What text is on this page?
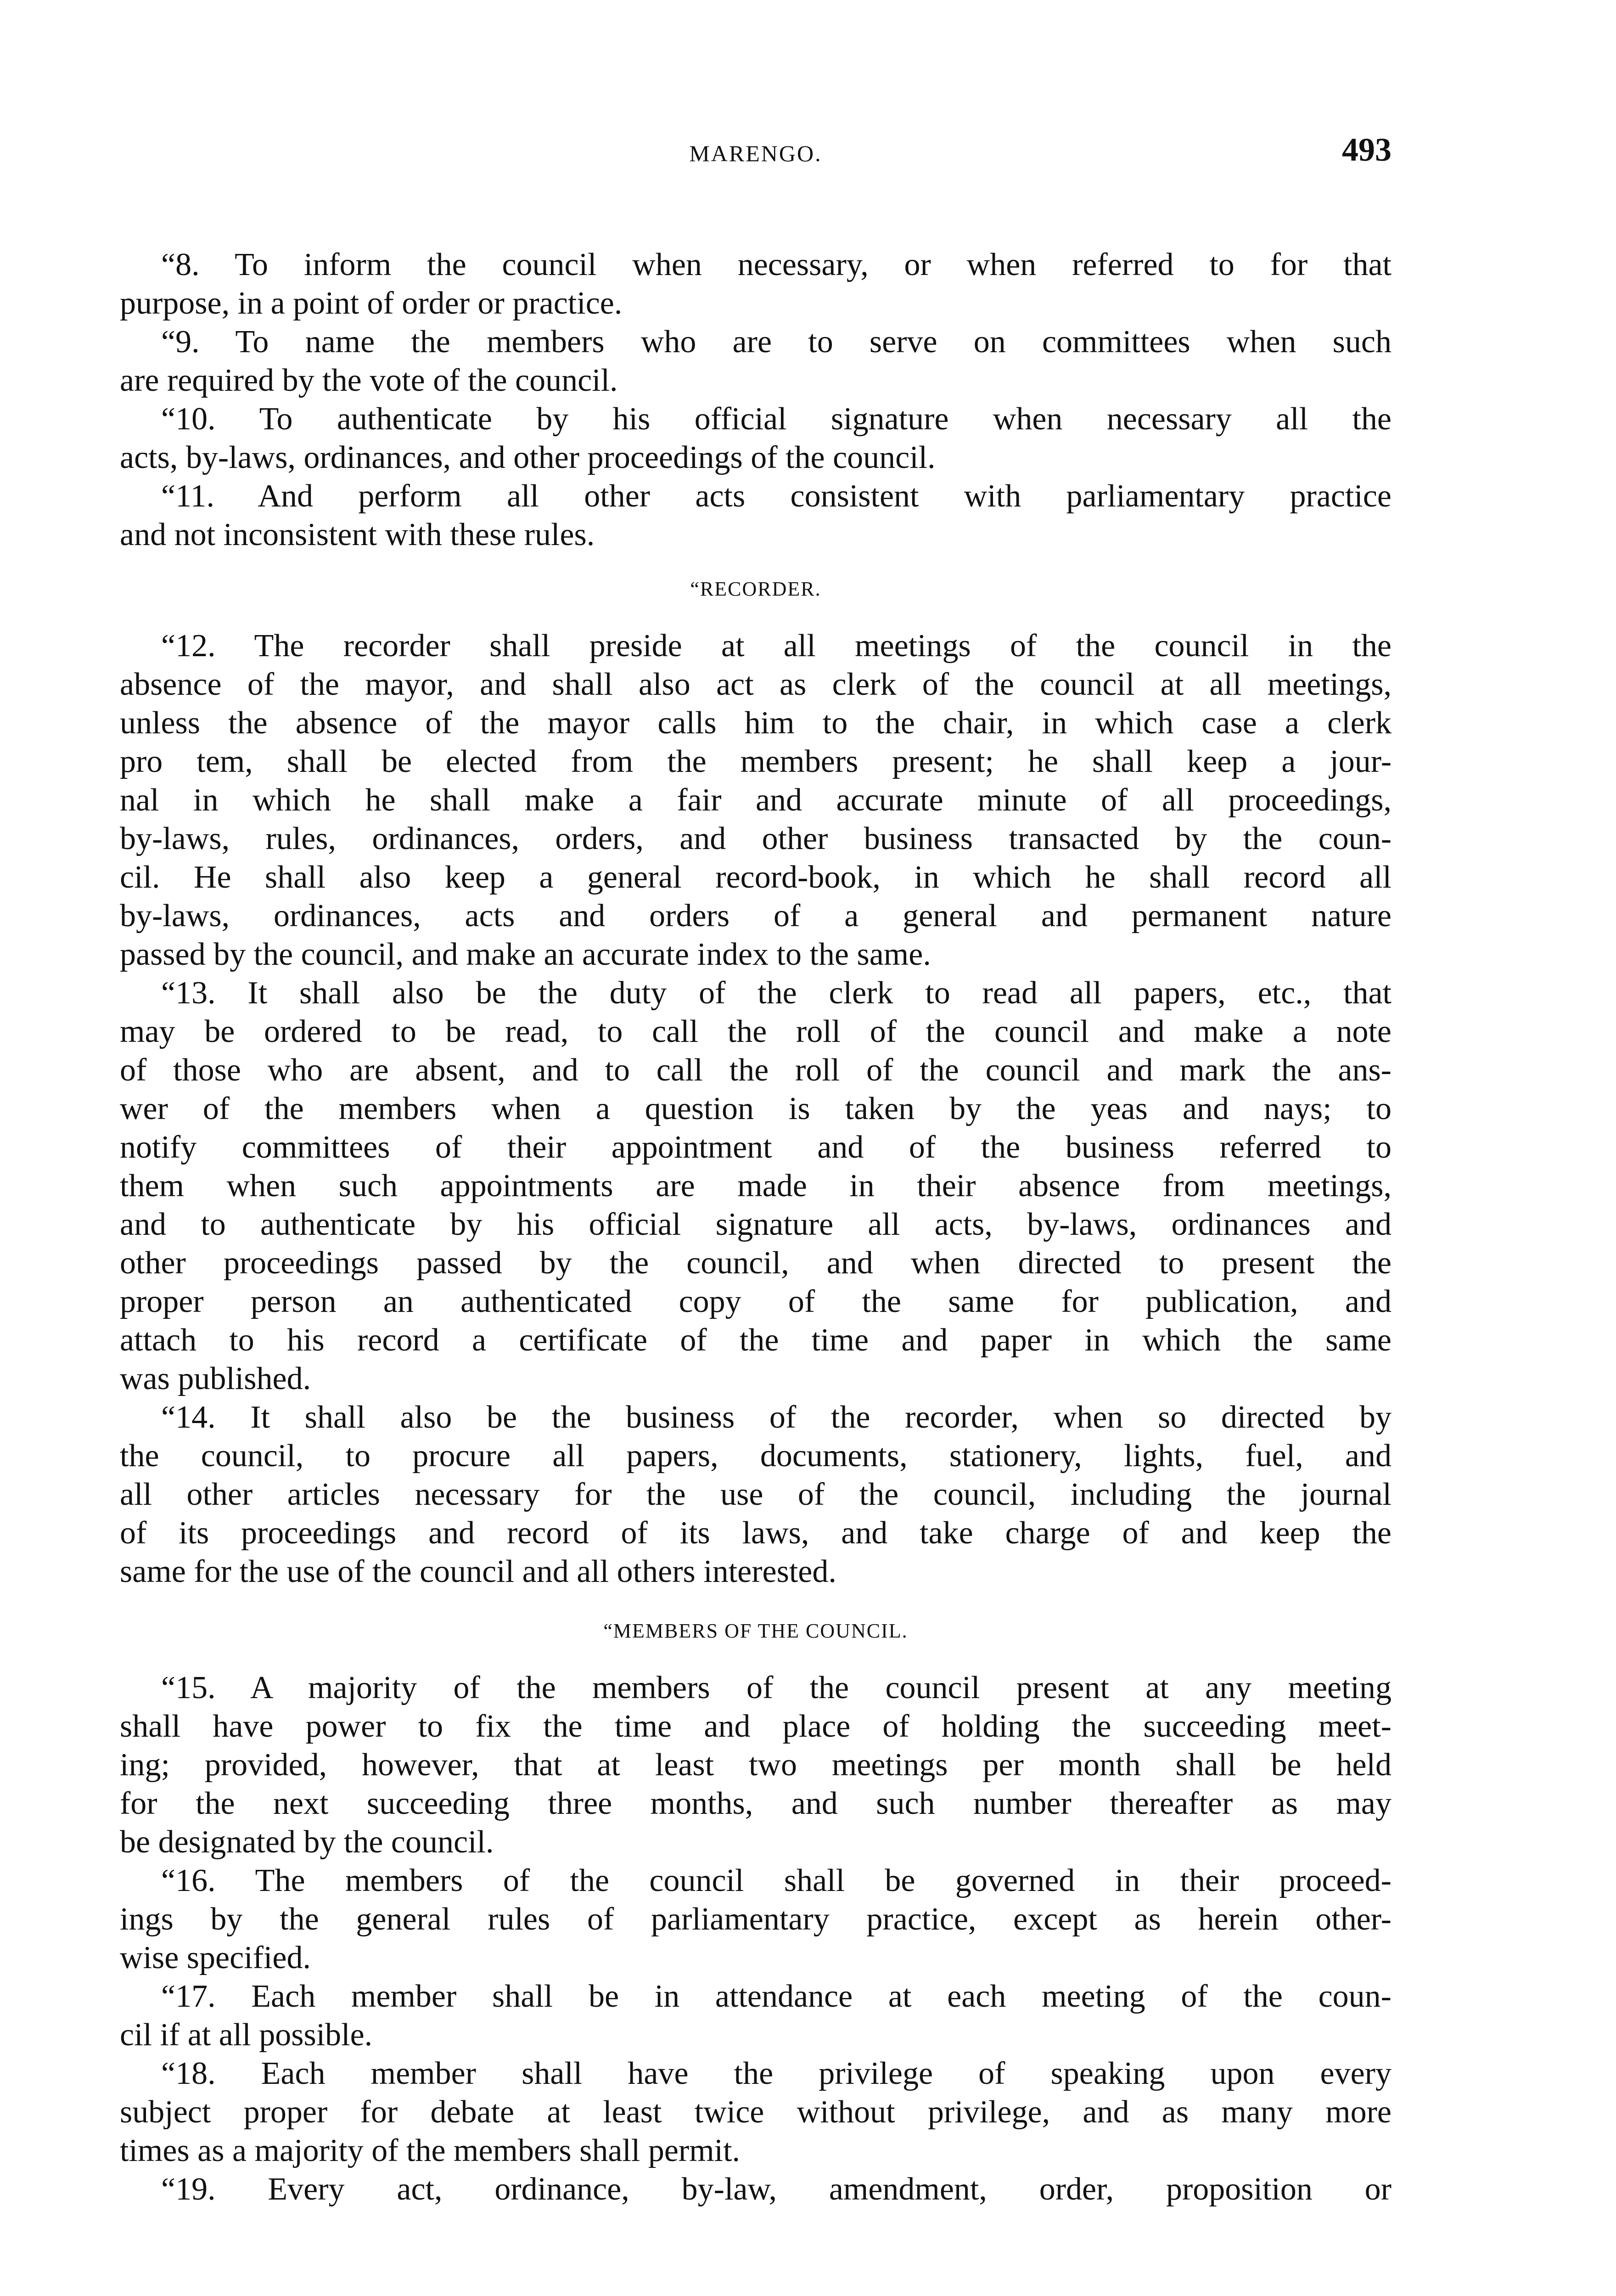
MARENGO.	493
“8. To inform the council when necessary, or when referred to for that
purpose, in a point of order or practice.
“9. To name the members who are to serve on committees when such
are required by the vote of the council.
“10. To authenticate by his official signature when necessary all the
acts, by-laws, ordinances, and other proceedings of the council.
“11. And perform all other acts consistent with parliamentary practice
and not inconsistent with these rules.
“RECORDER.
“12. The recorder shall preside at all meetings of the council in the
absence of the mayor, and shall also act as clerk of the council at all meetings,
unless the absence of the mayor calls him to the chair, in which case a clerk
pro tem, shall be elected from the members present; he shall keep a jour-
nal in which he shall make a fair and accurate minute of all proceedings,
by-laws, rules, ordinances, orders, and other business transacted by the coun-
cil. He shall also keep a general record-book, in which he shall record all
by-laws, ordinances, acts and orders of a general and permanent nature
passed by the council, and make an accurate index to the same.
“13. It shall also be the duty of the clerk to read all papers, etc., that
may be ordered to be read, to call the roll of the council and make a note
of those who are absent, and to call the roll of the council and mark the ans-
wer of the members when a question is taken by the yeas and nays; to
notify committees of their appointment and of the business referred to
them when such appointments are made in their absence from meetings,
and to authenticate by his official signature all acts, by-laws, ordinances and
other proceedings passed by the council, and when directed to present the
proper person an authenticated copy of the same for publication, and
attach to his record a certificate of the time and paper in which the same
was published.
“14. It shall also be the business of the recorder, when so directed by
the council, to procure all papers, documents, stationery, lights, fuel, and
all other articles necessary for the use of the council, including the journal
of its proceedings and record of its laws, and take charge of and keep the
same for the use of the council and all others interested.
“MEMBERS OF THE COUNCIL.
“15. A majority of the members of the council present at any meeting
shall have power to fix the time and place of holding the succeeding meet-
ing; provided, however, that at least two meetings per month shall be held
for the next succeeding three months, and such number thereafter as may
be designated by the council.
“16. The members of the council shall be governed in their proceed-
ings by the general rules of parliamentary practice, except as herein other-
wise specified.
“17. Each member shall be in attendance at each meeting of the coun-
cil if at all possible.
“18. Each member shall have the privilege of speaking upon every
subject proper for debate at least twice without privilege, and as many more
times as a majority of the members shall permit.
“19. Every act, ordinance, by-law, amendment, order, proposition or
